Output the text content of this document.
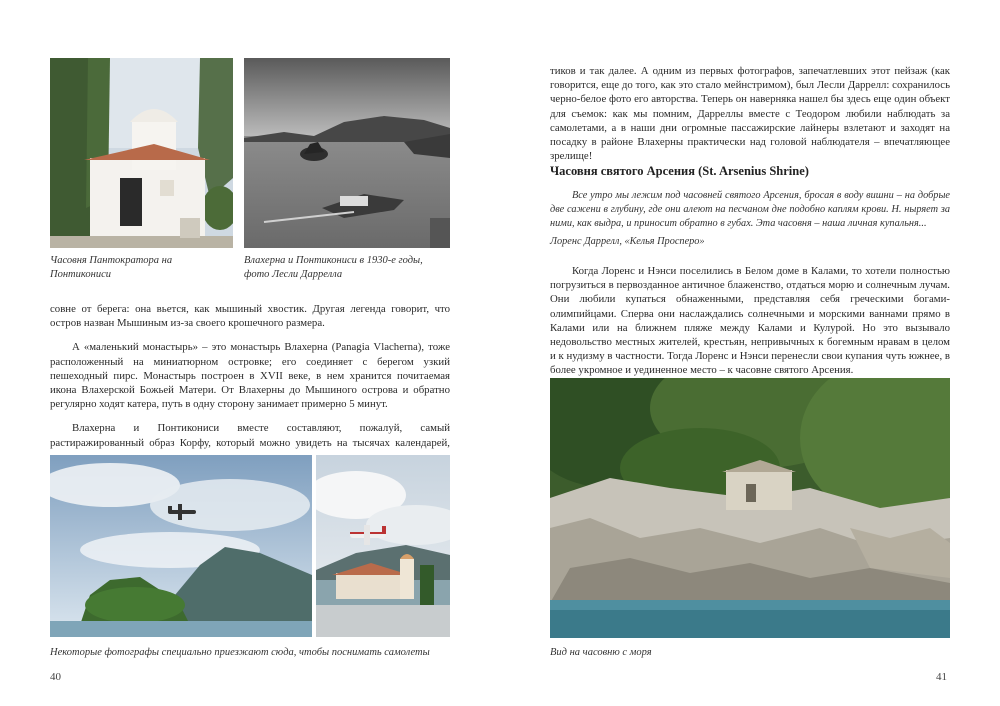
Часовня Пантократора на Понтикониси
Влахерна и Понтикониси в 1930-е годы, фото Лесли Даррелла

совне от берега: она вьется, как мышиный хвостик. Другая легенда говорит, что остров назван Мышиным из-за своего крошечного размера.

А «маленький монастырь» – это монастырь Влахерна (Panagia Vlacherna), тоже расположенный на миниатюрном островке; его соединяет с берегом узкий пешеходный пирс. Монастырь построен в XVII веке, в нем хранится почитаемая икона Влахерской Божьей Матери. От Влахерны до Мышиного острова и обратно регулярно ходят катера, путь в одну сторону занимает примерно 5 минут.

Влахерна и Понтикониси вместе составляют, пожалуй, самый растиражированный образ Корфу, который можно увидеть на тысячах календарей,

Некоторые фотографы специально приезжают сюда, чтобы поснимать самолеты
40

тиков и так далее. А одним из первых фотографов, запечатлевших этот пейзаж (как говорится, еще до того, как это стало мейнстримом), был Лесли Даррелл: сохранилось черно-белое фото его авторства. Теперь он наверняка нашел бы здесь еще один объект для съемок: как мы помним, Дарреллы вместе с Теодором любили наблюдать за самолетами, а в наши дни огромные пассажирские лайнеры взлетают и заходят на посадку в районе Влахерны практически над головой наблюдателя – впечатляющее зрелище!

Часовня святого Арсения (St. Arsenius Shrine)

Все утро мы лежим под часовней святого Арсения, бросая в воду вишни – на добрые две сажени в глубину, где они алеют на песчаном дне подобно каплям крови. Н. ныряет за ними, как выдра, и приносит обратно в губах. Эта часовня – наша личная купальня...

Лоренс Даррелл, «Келья Просперо»

Когда Лоренс и Нэнси поселились в Белом доме в Калами, то хотели полностью погрузиться в первозданное античное блаженство, отдаться морю и солнечным лучам. Они любили купаться обнаженными, представляя себя греческими богами-олимпийцами. Сперва они наслаждались солнечными и морскими ваннами прямо в Калами или на ближнем пляже между Калами и Кулурой. Но это вызывало недовольство местных жителей, крестьян, непривычных к богемным нравам в целом и к нудизму в частности. Тогда Лоренс и Нэнси перенесли свои купания чуть южнее, в более укромное и уединенное место – к часовне святого Арсения.

Вид на часовню с моря
41
